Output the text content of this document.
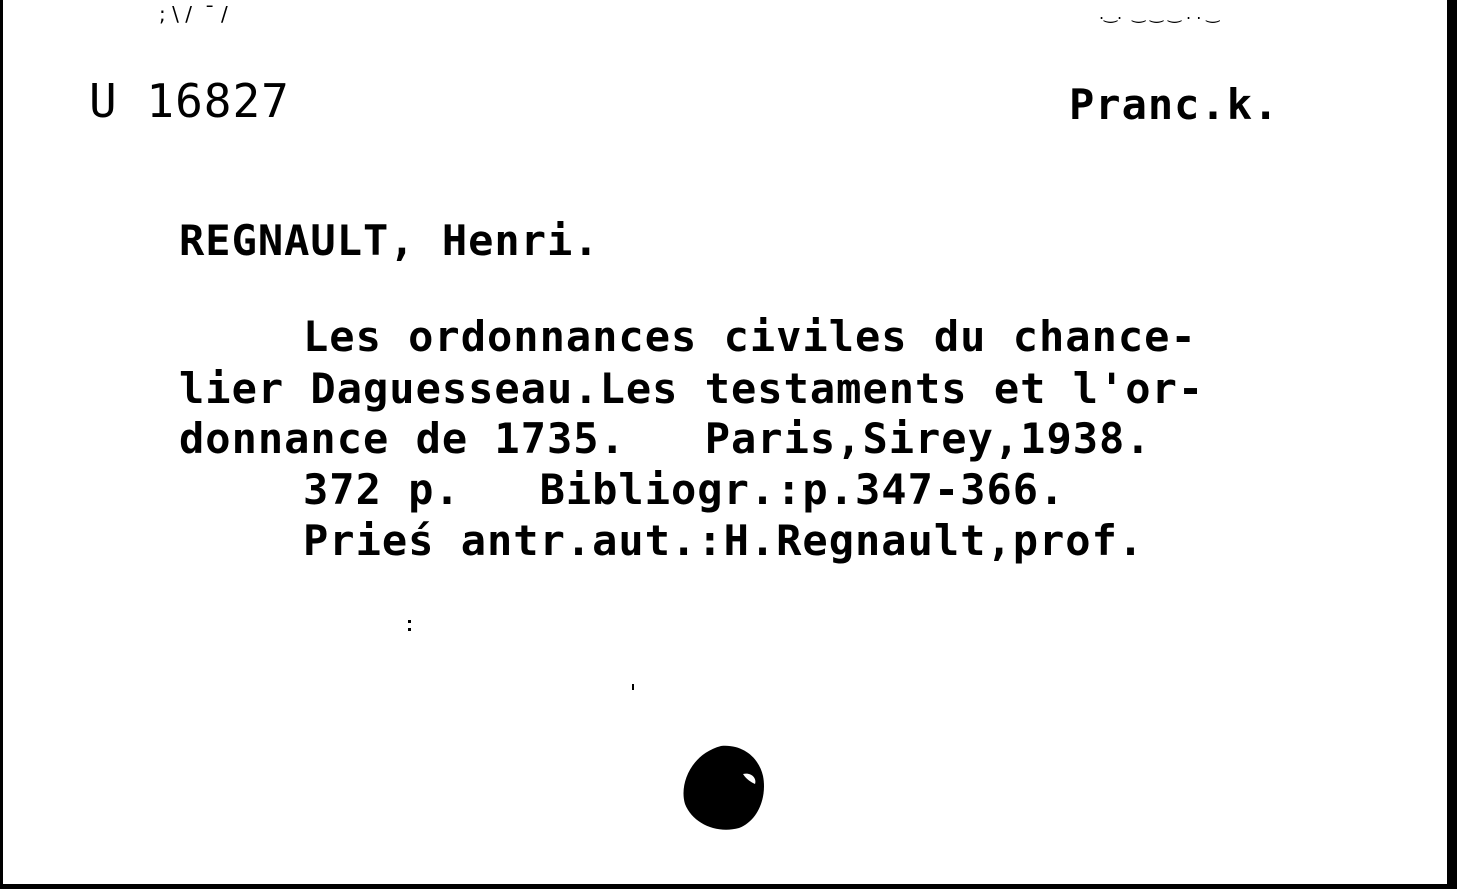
; \ /  ¯ /	.‿.  ‿ ‿ ‿ . . ‿
U 16827	Pranc.k.
REGNAULT, Henri.
Les ordonnances civiles du chance-
lier Daguesseau.Les testaments et l'or-
donnance de 1735.   Paris,Sirey,1938.
372 p.   Bibliogr.:p.347-366.
Prieś antr.aut.:H.Regnault,prof.
